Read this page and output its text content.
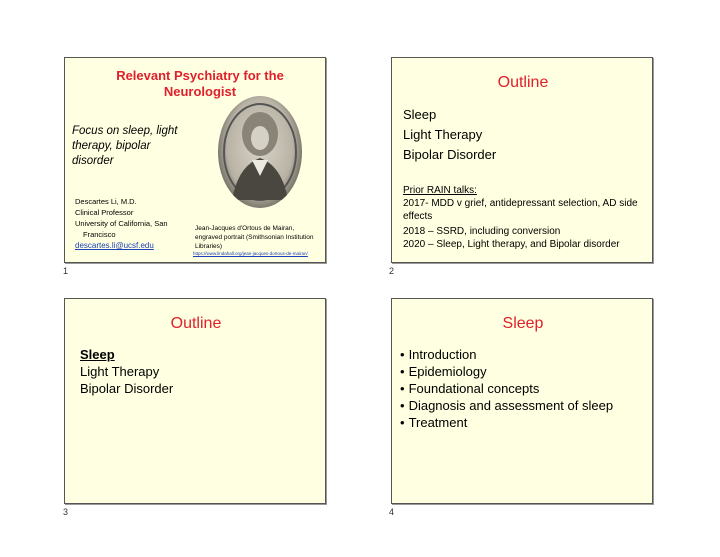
Relevant Psychiatry for the Neurologist
Focus on sleep, light therapy, bipolar disorder
Descartes Li, M.D.
Clinical Professor
University of California, San
Francisco
descartes.li@ucsf.edu
Jean-Jacques d'Ortous de Mairan, engraved portrait (Smithsonian Institution Libraries)
https://www.lindahall.org/jean-jacques-dortous-de-mairan/
1
Outline
Sleep
Light Therapy
Bipolar Disorder
Prior RAIN talks:
2017- MDD v grief, antidepressant selection, AD side effects
2018 – SSRD, including conversion
2020 – Sleep, Light therapy, and Bipolar disorder
2
Outline
Sleep
Light Therapy
Bipolar Disorder
3
Sleep
• Introduction
• Epidemiology
• Foundational concepts
• Diagnosis and assessment of sleep
• Treatment
4
